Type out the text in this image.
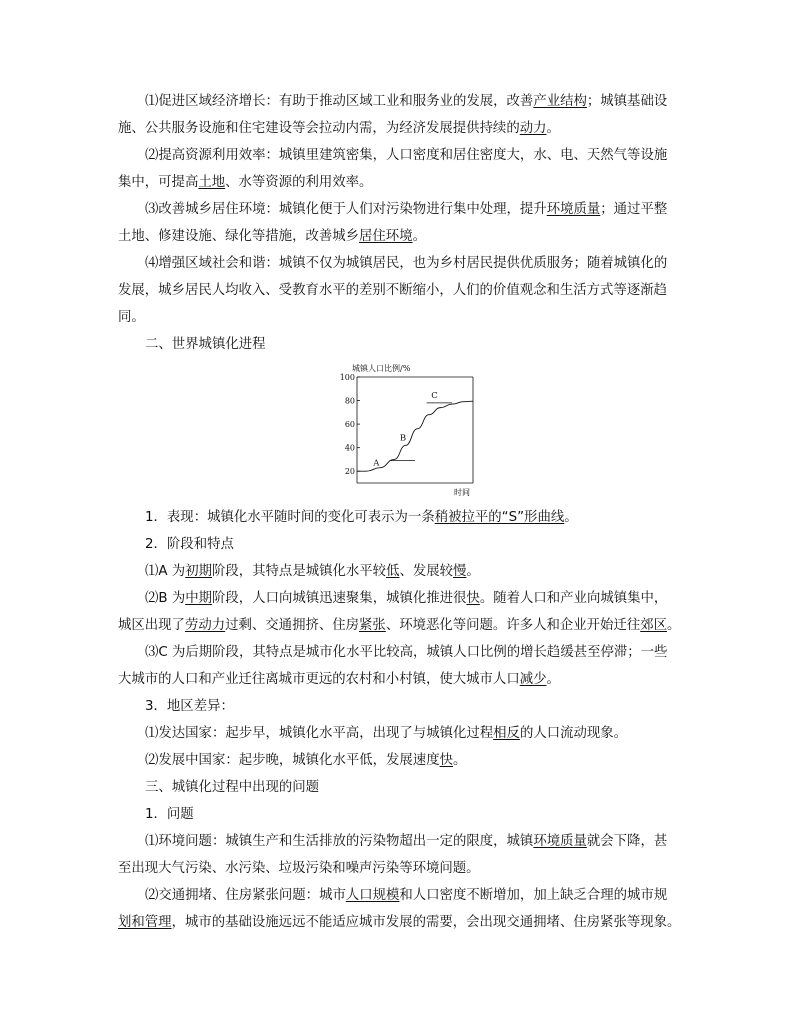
⑴促进区域经济增长：有助于推动区域工业和服务业的发展，改善产业结构；城镇基础设
施、公共服务设施和住宅建设等会拉动内需，为经济发展提供持续的动力。
⑵提高资源利用效率：城镇里建筑密集，人口密度和居住密度大，水、电、天然气等设施
集中，可提高土地、水等资源的利用效率。
⑶改善城乡居住环境：城镇化便于人们对污染物进行集中处理，提升环境质量；通过平整
土地、修建设施、绿化等措施，改善城乡居住环境。
⑷增强区域社会和谐：城镇不仅为城镇居民，也为乡村居民提供优质服务；随着城镇化的
发展，城乡居民人均收入、受教育水平的差别不断缩小，人们的价值观念和生活方式等逐渐趋
同。
二、世界城镇化进程
城镇人口比例/%
20
40
60
80
100
A
B
C
时间
1．表现：城镇化水平随时间的变化可表示为一条稍被拉平的“S”形曲线。
2．阶段和特点
⑴A 为初期阶段，其特点是城镇化水平较低、发展较慢。
⑵B 为中期阶段，人口向城镇迅速聚集，城镇化推进很快。随着人口和产业向城镇集中，
城区出现了劳动力过剩、交通拥挤、住房紧张、环境恶化等问题。许多人和企业开始迁往郊区。
⑶C 为后期阶段，其特点是城市化水平比较高，城镇人口比例的增长趋缓甚至停滞；一些
大城市的人口和产业迁往离城市更远的农村和小村镇，使大城市人口减少。
3．地区差异：
⑴发达国家：起步早，城镇化水平高，出现了与城镇化过程相反的人口流动现象。
⑵发展中国家：起步晚，城镇化水平低，发展速度快。
三、城镇化过程中出现的问题
1．问题
⑴环境问题：城镇生产和生活排放的污染物超出一定的限度，城镇环境质量就会下降，甚
至出现大气污染、水污染、垃圾污染和噪声污染等环境问题。
⑵交通拥堵、住房紧张问题：城市人口规模和人口密度不断增加，加上缺乏合理的城市规
划和管理，城市的基础设施远远不能适应城市发展的需要，会出现交通拥堵、住房紧张等现象。
